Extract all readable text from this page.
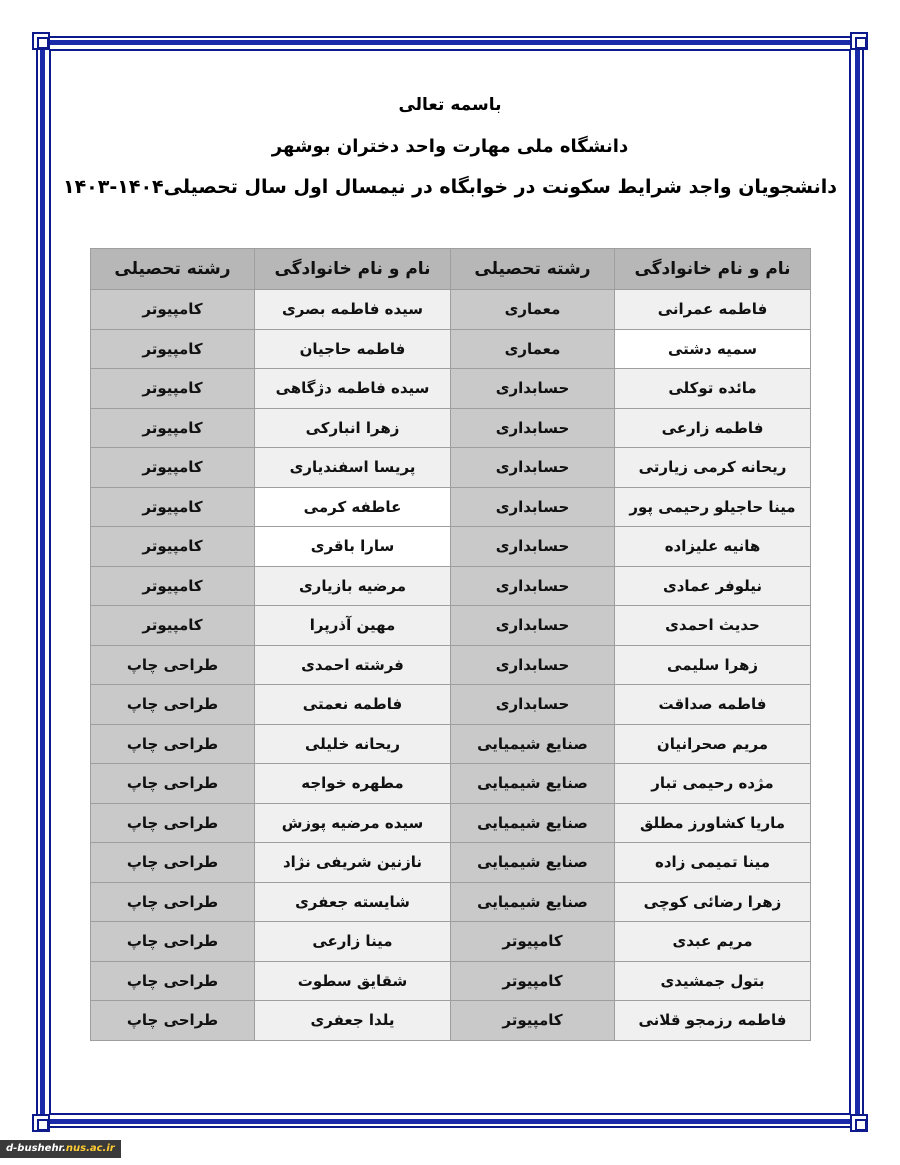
باسمه تعالی
دانشگاه ملی مهارت واحد دختران بوشهر
دانشجویان واجد شرایط سکونت در خوابگاه در نیمسال اول سال تحصیلی۱۴۰۴-۱۴۰۳
نام و نام خانوادگی	رشته تحصیلی	نام و نام خانوادگی	رشته تحصیلی
فاطمه عمرانی	معماری	سیده فاطمه بصری	کامپیوتر
سمیه دشتی	معماری	فاطمه حاجیان	کامپیوتر
مائده توکلی	حسابداری	سیده فاطمه دژگاهی	کامپیوتر
فاطمه زارعی	حسابداری	زهرا انبارکی	کامپیوتر
ریحانه کرمی زیارتی	حسابداری	پریسا اسفندیاری	کامپیوتر
مینا حاجیلو رحیمی پور	حسابداری	عاطفه کرمی	کامپیوتر
هانیه علیزاده	حسابداری	سارا باقری	کامپیوتر
نیلوفر عمادی	حسابداری	مرضیه بازیاری	کامپیوتر
حدیث احمدی	حسابداری	مهین آذرپرا	کامپیوتر
زهرا سلیمی	حسابداری	فرشته احمدی	طراحی چاپ
فاطمه صداقت	حسابداری	فاطمه نعمتی	طراحی چاپ
مریم صحرانیان	صنایع شیمیایی	ریحانه خلیلی	طراحی چاپ
مژده رحیمی تبار	صنایع شیمیایی	مطهره خواجه	طراحی چاپ
ماریا کشاورز مطلق	صنایع شیمیایی	سیده مرضیه پوزش	طراحی چاپ
مینا تمیمی زاده	صنایع شیمیایی	نازنین شریفی نژاد	طراحی چاپ
زهرا رضائی کوچی	صنایع شیمیایی	شایسته جعفری	طراحی چاپ
مریم عبدی	کامپیوتر	مینا زارعی	طراحی چاپ
بتول جمشیدی	کامپیوتر	شقایق سطوت	طراحی چاپ
فاطمه رزمجو قلانی	کامپیوتر	یلدا جعفری	طراحی چاپ
d-bushehr.nus.ac.ir
